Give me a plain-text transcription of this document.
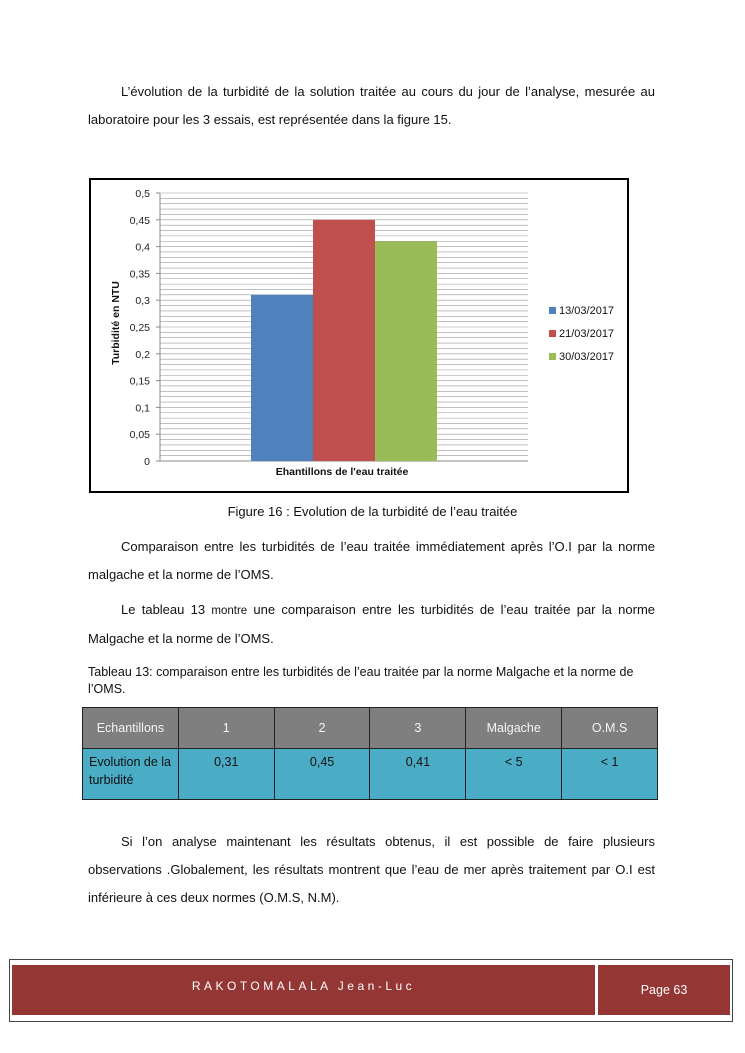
L’évolution de la turbidité de la solution traitée au cours du jour de l’analyse, mesurée au laboratoire pour les 3 essais, est représentée dans la figure 15.
0
0,05
0,1
0,15
0,2
0,25
0,3
0,35
0,4
0,45
0,5
Ehantillons de l'eau traitée
Turbidité en NTU	13/03/2017
21/03/2017
30/03/2017
Figure 16 : Evolution de la turbidité de l’eau traitée
Comparaison entre les turbidités de l’eau traitée immédiatement après l’O.I par la norme malgache et la norme de l’OMS.
Le tableau 13 montre une comparaison entre les turbidités de l’eau traitée par la norme Malgache et la norme de l’OMS.
Tableau 13: comparaison entre les turbidités de l’eau traitée par la norme Malgache et la norme de l’OMS.
Echantillons	1	2	3	Malgache	O.M.S
Evolution de la turbidité	0,31	0,45	0,41	< 5	< 1
Si l’on analyse maintenant les résultats obtenus, il est possible de faire plusieurs observations .Globalement, les résultats montrent que l’eau de mer après traitement par O.I est inférieure à ces deux normes (O.M.S, N.M).
RAKOTOMALALA Jean-Luc	Page 63
